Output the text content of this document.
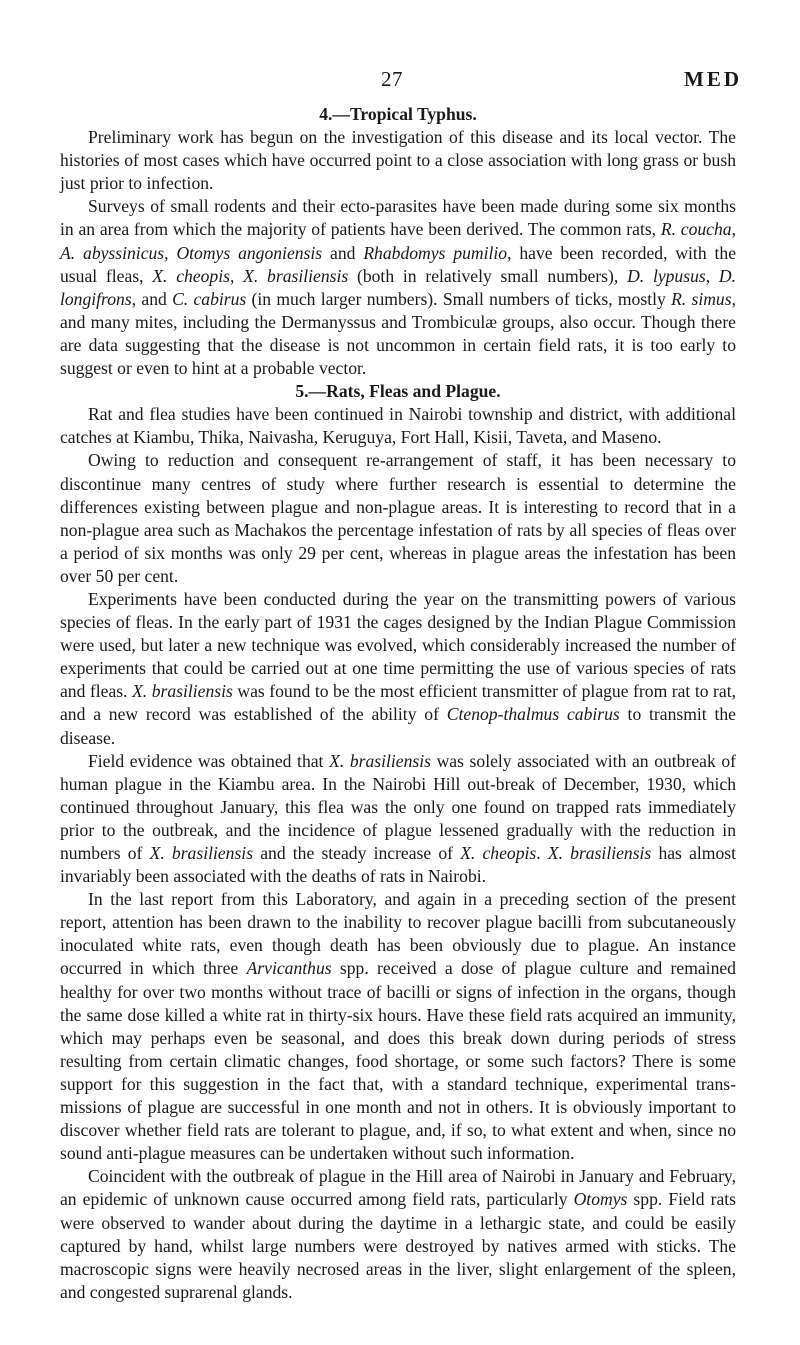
27	MED
4.—Tropical Typhus.

Preliminary work has begun on the investigation of this disease and its local vector. The histories of most cases which have occurred point to a close association with long grass or bush just prior to infection.

Surveys of small rodents and their ecto-parasites have been made during some six months in an area from which the majority of patients have been derived. The common rats, R. coucha, A. abyssinicus, Otomys angoniensis and Rhabdomys pumilio, have been recorded, with the usual fleas, X. cheopis, X. brasiliensis (both in relatively small numbers), D. lypusus, D. longifrons, and C. cabirus (in much larger numbers). Small numbers of ticks, mostly R. simus, and many mites, including the Dermanyssus and Trombiculæ groups, also occur. Though there are data suggesting that the disease is not uncommon in certain field rats, it is too early to suggest or even to hint at a probable vector.

5.—Rats, Fleas and Plague.

Rat and flea studies have been continued in Nairobi township and district, with additional catches at Kiambu, Thika, Naivasha, Keruguya, Fort Hall, Kisii, Taveta, and Maseno.

Owing to reduction and consequent re-arrangement of staff, it has been necessary to discontinue many centres of study where further research is essential to determine the differences existing between plague and non-plague areas. It is interesting to record that in a non-plague area such as Machakos the percentage infestation of rats by all species of fleas over a period of six months was only 29 per cent, whereas in plague areas the infestation has been over 50 per cent.

Experiments have been conducted during the year on the transmitting powers of various species of fleas. In the early part of 1931 the cages designed by the Indian Plague Commission were used, but later a new technique was evolved, which considerably increased the number of experiments that could be carried out at one time permitting the use of various species of rats and fleas. X. brasiliensis was found to be the most efficient transmitter of plague from rat to rat, and a new record was established of the ability of Ctenop-thalmus cabirus to transmit the disease.

Field evidence was obtained that X. brasiliensis was solely associated with an outbreak of human plague in the Kiambu area. In the Nairobi Hill out-break of December, 1930, which continued throughout January, this flea was the only one found on trapped rats immediately prior to the outbreak, and the incidence of plague lessened gradually with the reduction in numbers of X. brasiliensis and the steady increase of X. cheopis. X. brasiliensis has almost invariably been associated with the deaths of rats in Nairobi.

In the last report from this Laboratory, and again in a preceding section of the present report, attention has been drawn to the inability to recover plague bacilli from subcutaneously inoculated white rats, even though death has been obviously due to plague. An instance occurred in which three Arvicanthus spp. received a dose of plague culture and remained healthy for over two months without trace of bacilli or signs of infection in the organs, though the same dose killed a white rat in thirty-six hours. Have these field rats acquired an immunity, which may perhaps even be seasonal, and does this break down during periods of stress resulting from certain climatic changes, food shortage, or some such factors? There is some support for this suggestion in the fact that, with a standard technique, experimental trans-missions of plague are successful in one month and not in others. It is obviously important to discover whether field rats are tolerant to plague, and, if so, to what extent and when, since no sound anti-plague measures can be undertaken without such information.

Coincident with the outbreak of plague in the Hill area of Nairobi in January and February, an epidemic of unknown cause occurred among field rats, particularly Otomys spp. Field rats were observed to wander about during the daytime in a lethargic state, and could be easily captured by hand, whilst large numbers were destroyed by natives armed with sticks. The macroscopic signs were heavily necrosed areas in the liver, slight enlargement of the spleen, and congested suprarenal glands.
